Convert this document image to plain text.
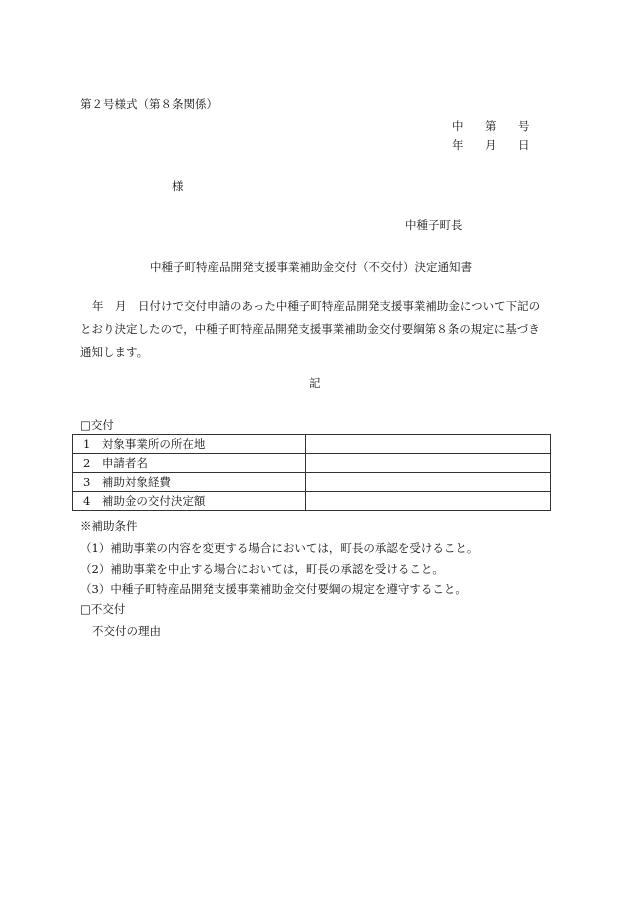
第２号様式（第８条関係）
中 第 号
年 月 日
様
中種子町長
中種子町特産品開発支援事業補助金交付（不交付）決定通知書
年　月　日付けで交付申請のあった中種子町特産品開発支援事業補助金について下記のとおり決定したので，中種子町特産品開発支援事業補助金交付要綱第８条の規定に基づき通知します。
記
□交付
1　対象事業所の所在地	
2　申請者名	
3　補助対象経費	
4　補助金の交付決定額	
※補助条件
（1）補助事業の内容を変更する場合においては，町長の承認を受けること。
（2）補助事業を中止する場合においては，町長の承認を受けること。
（3）中種子町特産品開発支援事業補助金交付要綱の規定を遵守すること。
□不交付
不交付の理由
